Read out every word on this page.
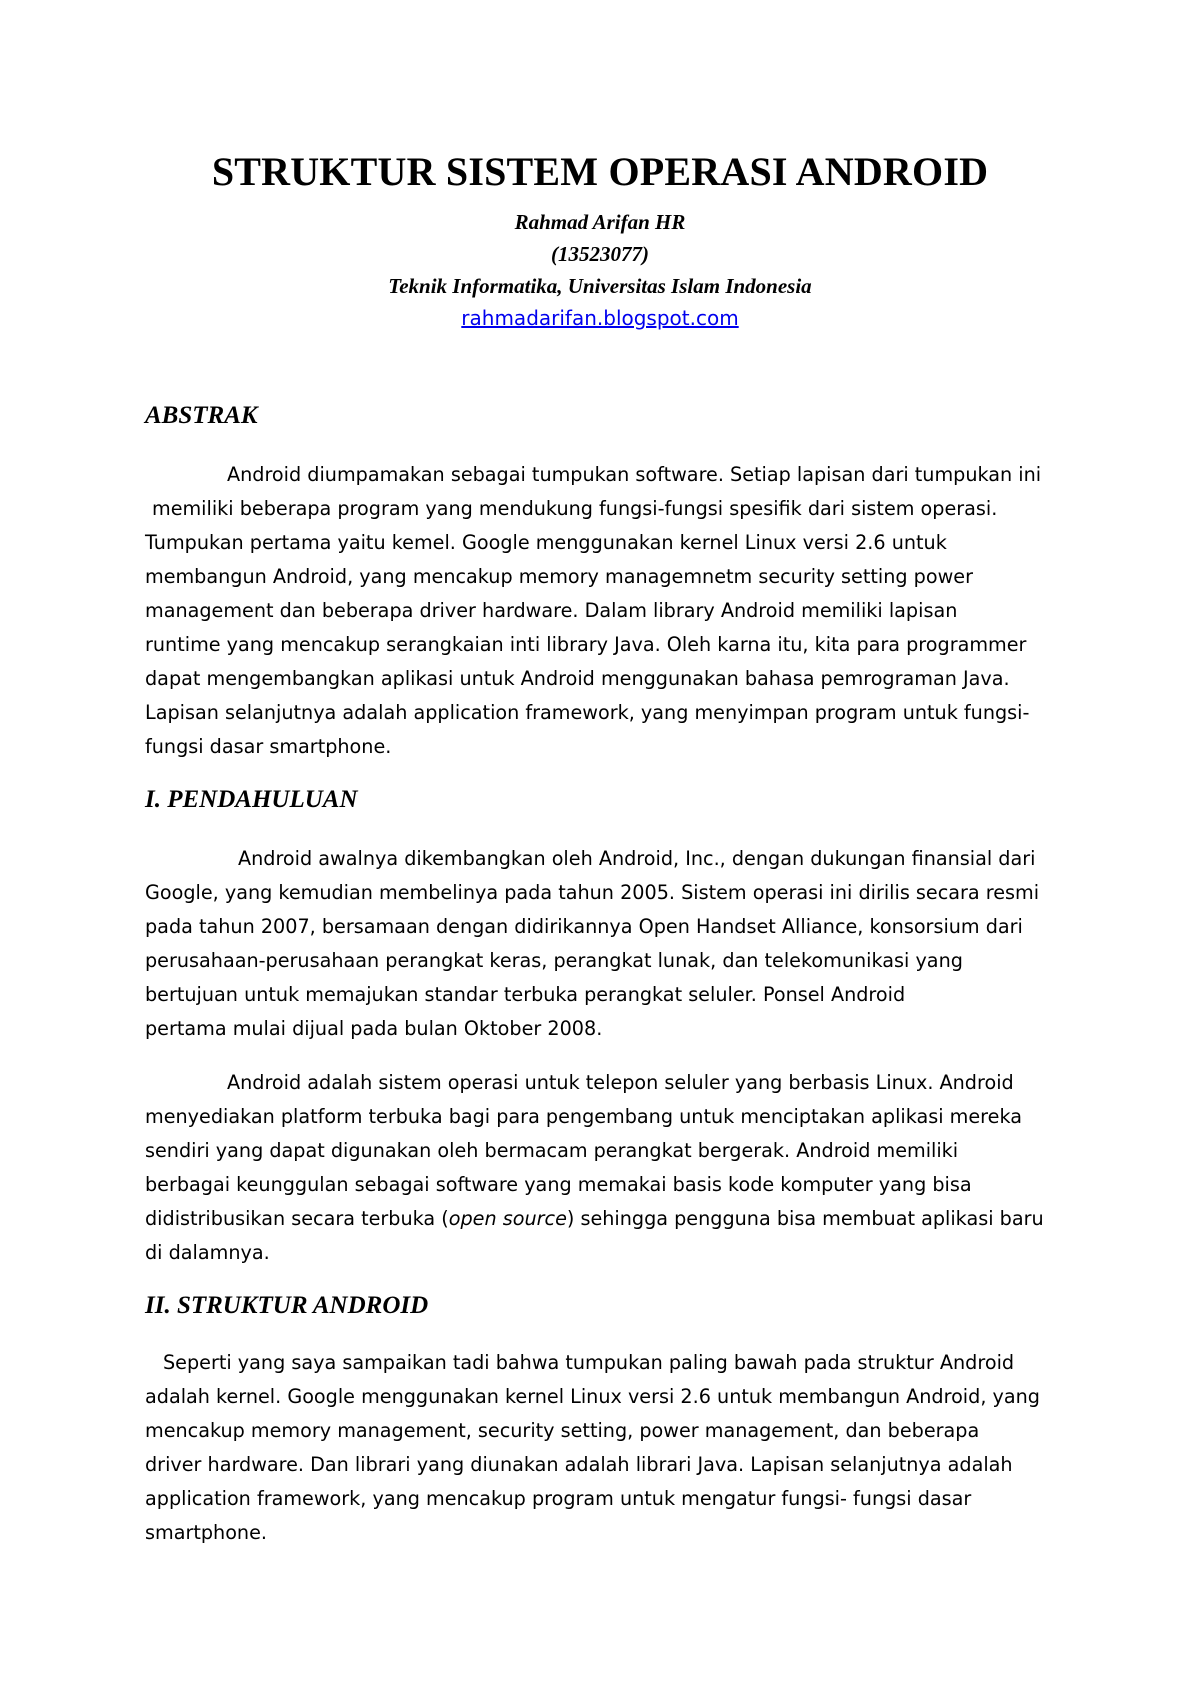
STRUKTUR SISTEM OPERASI ANDROID
Rahmad Arifan HR
(13523077)
Teknik Informatika, Universitas Islam Indonesia
rahmadarifan.blogspot.com
ABSTRAK
Android diumpamakan sebagai tumpukan software. Setiap lapisan dari tumpukan ini
memiliki beberapa program yang mendukung fungsi-fungsi spesifik dari sistem operasi.
Tumpukan pertama yaitu kemel. Google menggunakan kernel Linux versi 2.6 untuk
membangun Android, yang mencakup memory managemnetm security setting power
management dan beberapa driver hardware. Dalam library Android memiliki lapisan
runtime yang mencakup serangkaian inti library Java. Oleh karna itu, kita para programmer
dapat mengembangkan aplikasi untuk Android menggunakan bahasa pemrograman Java.
Lapisan selanjutnya adalah application framework, yang menyimpan program untuk fungsi-
fungsi dasar smartphone.
I. PENDAHULUAN
Android awalnya dikembangkan oleh Android, Inc., dengan dukungan finansial dari
Google, yang kemudian membelinya pada tahun 2005. Sistem operasi ini dirilis secara resmi
pada tahun 2007, bersamaan dengan didirikannya Open Handset Alliance, konsorsium dari
perusahaan-perusahaan perangkat keras, perangkat lunak, dan telekomunikasi yang
bertujuan untuk memajukan standar terbuka perangkat seluler. Ponsel Android
pertama mulai dijual pada bulan Oktober 2008.
Android adalah sistem operasi untuk telepon seluler yang berbasis Linux. Android
menyediakan platform terbuka bagi para pengembang untuk menciptakan aplikasi mereka
sendiri yang dapat digunakan oleh bermacam perangkat bergerak. Android memiliki
berbagai keunggulan sebagai software yang memakai basis kode komputer yang bisa
didistribusikan secara terbuka (open source) sehingga pengguna bisa membuat aplikasi baru
di dalamnya.
II. STRUKTUR ANDROID
Seperti yang saya sampaikan tadi bahwa tumpukan paling bawah pada struktur Android
adalah kernel. Google menggunakan kernel Linux versi 2.6 untuk membangun Android, yang
mencakup memory management, security setting, power management, dan beberapa
driver hardware. Dan librari yang diunakan adalah librari Java. Lapisan selanjutnya adalah
application framework, yang mencakup program untuk mengatur fungsi- fungsi dasar
smartphone.
